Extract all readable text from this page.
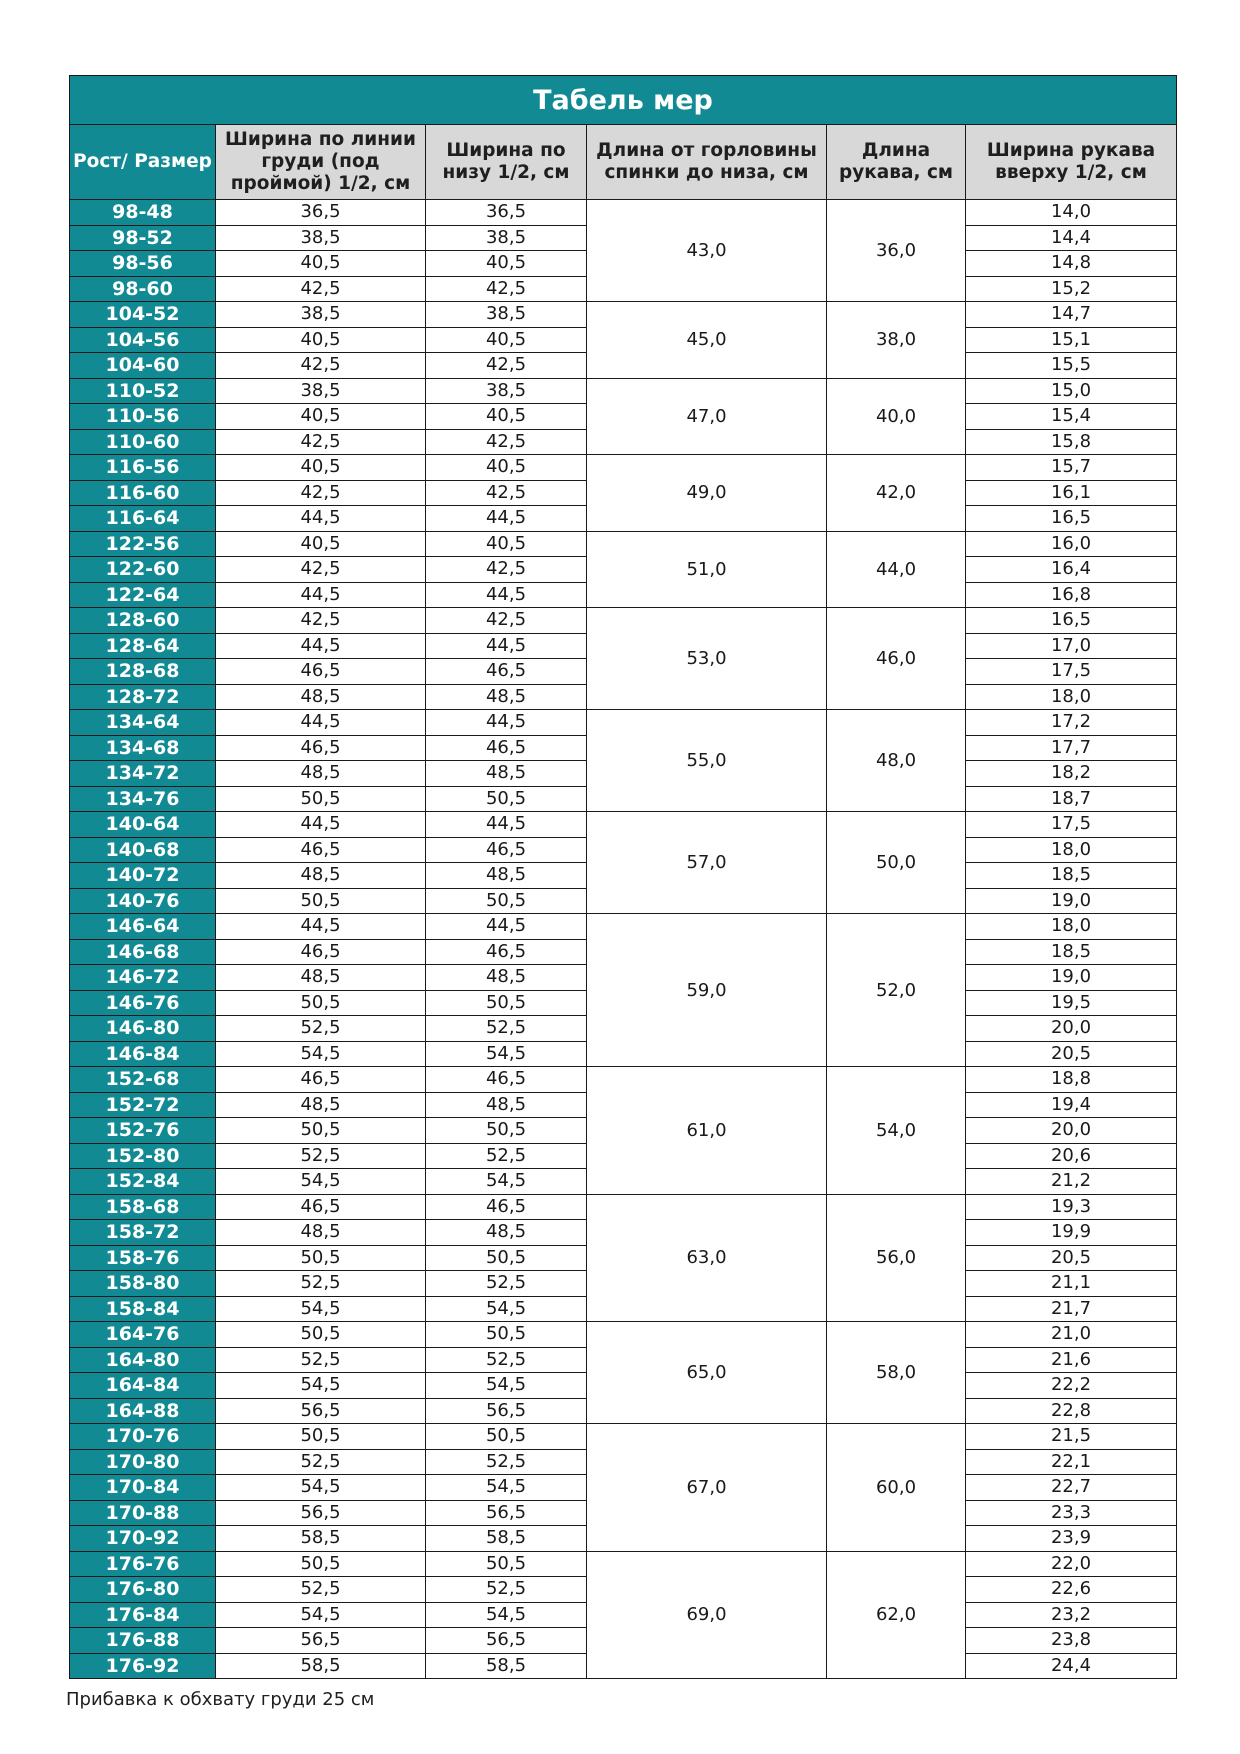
Табель мер					

Рост/ Размер	Ширина по линии груди (под проймой) 1/2, см	Ширина по низу 1/2, см	Длина от горловины спинки до низа, см	Длина рукава, см	Ширина рукава вверху 1/2, см

98-48	36,5	36,5	43,0	36,0	14,0
98-52	38,5	38,5			14,4
98-56	40,5	40,5			14,8
98-60	42,5	42,5			15,2
104-52	38,5	38,5	45,0	38,0	14,7
104-56	40,5	40,5			15,1
104-60	42,5	42,5			15,5
110-52	38,5	38,5	47,0	40,0	15,0
110-56	40,5	40,5			15,4
110-60	42,5	42,5			15,8
116-56	40,5	40,5	49,0	42,0	15,7
116-60	42,5	42,5			16,1
116-64	44,5	44,5			16,5
122-56	40,5	40,5	51,0	44,0	16,0
122-60	42,5	42,5			16,4
122-64	44,5	44,5			16,8
128-60	42,5	42,5	53,0	46,0	16,5
128-64	44,5	44,5			17,0
128-68	46,5	46,5			17,5
128-72	48,5	48,5			18,0
134-64	44,5	44,5	55,0	48,0	17,2
134-68	46,5	46,5			17,7
134-72	48,5	48,5			18,2
134-76	50,5	50,5			18,7
140-64	44,5	44,5	57,0	50,0	17,5
140-68	46,5	46,5			18,0
140-72	48,5	48,5			18,5
140-76	50,5	50,5			19,0
146-64	44,5	44,5	59,0	52,0	18,0
146-68	46,5	46,5			18,5
146-72	48,5	48,5			19,0
146-76	50,5	50,5			19,5
146-80	52,5	52,5			20,0
146-84	54,5	54,5			20,5
152-68	46,5	46,5	61,0	54,0	18,8
152-72	48,5	48,5			19,4
152-76	50,5	50,5			20,0
152-80	52,5	52,5			20,6
152-84	54,5	54,5			21,2
158-68	46,5	46,5	63,0	56,0	19,3
158-72	48,5	48,5			19,9
158-76	50,5	50,5			20,5
158-80	52,5	52,5			21,1
158-84	54,5	54,5			21,7
164-76	50,5	50,5	65,0	58,0	21,0
164-80	52,5	52,5			21,6
164-84	54,5	54,5			22,2
164-88	56,5	56,5			22,8
170-76	50,5	50,5	67,0	60,0	21,5
170-80	52,5	52,5			22,1
170-84	54,5	54,5			22,7
170-88	56,5	56,5			23,3
170-92	58,5	58,5			23,9
176-76	50,5	50,5	69,0	62,0	22,0
176-80	52,5	52,5			22,6
176-84	54,5	54,5			23,2
176-88	56,5	56,5			23,8
176-92	58,5	58,5			24,4
Прибавка к обхвату груди 25 см
